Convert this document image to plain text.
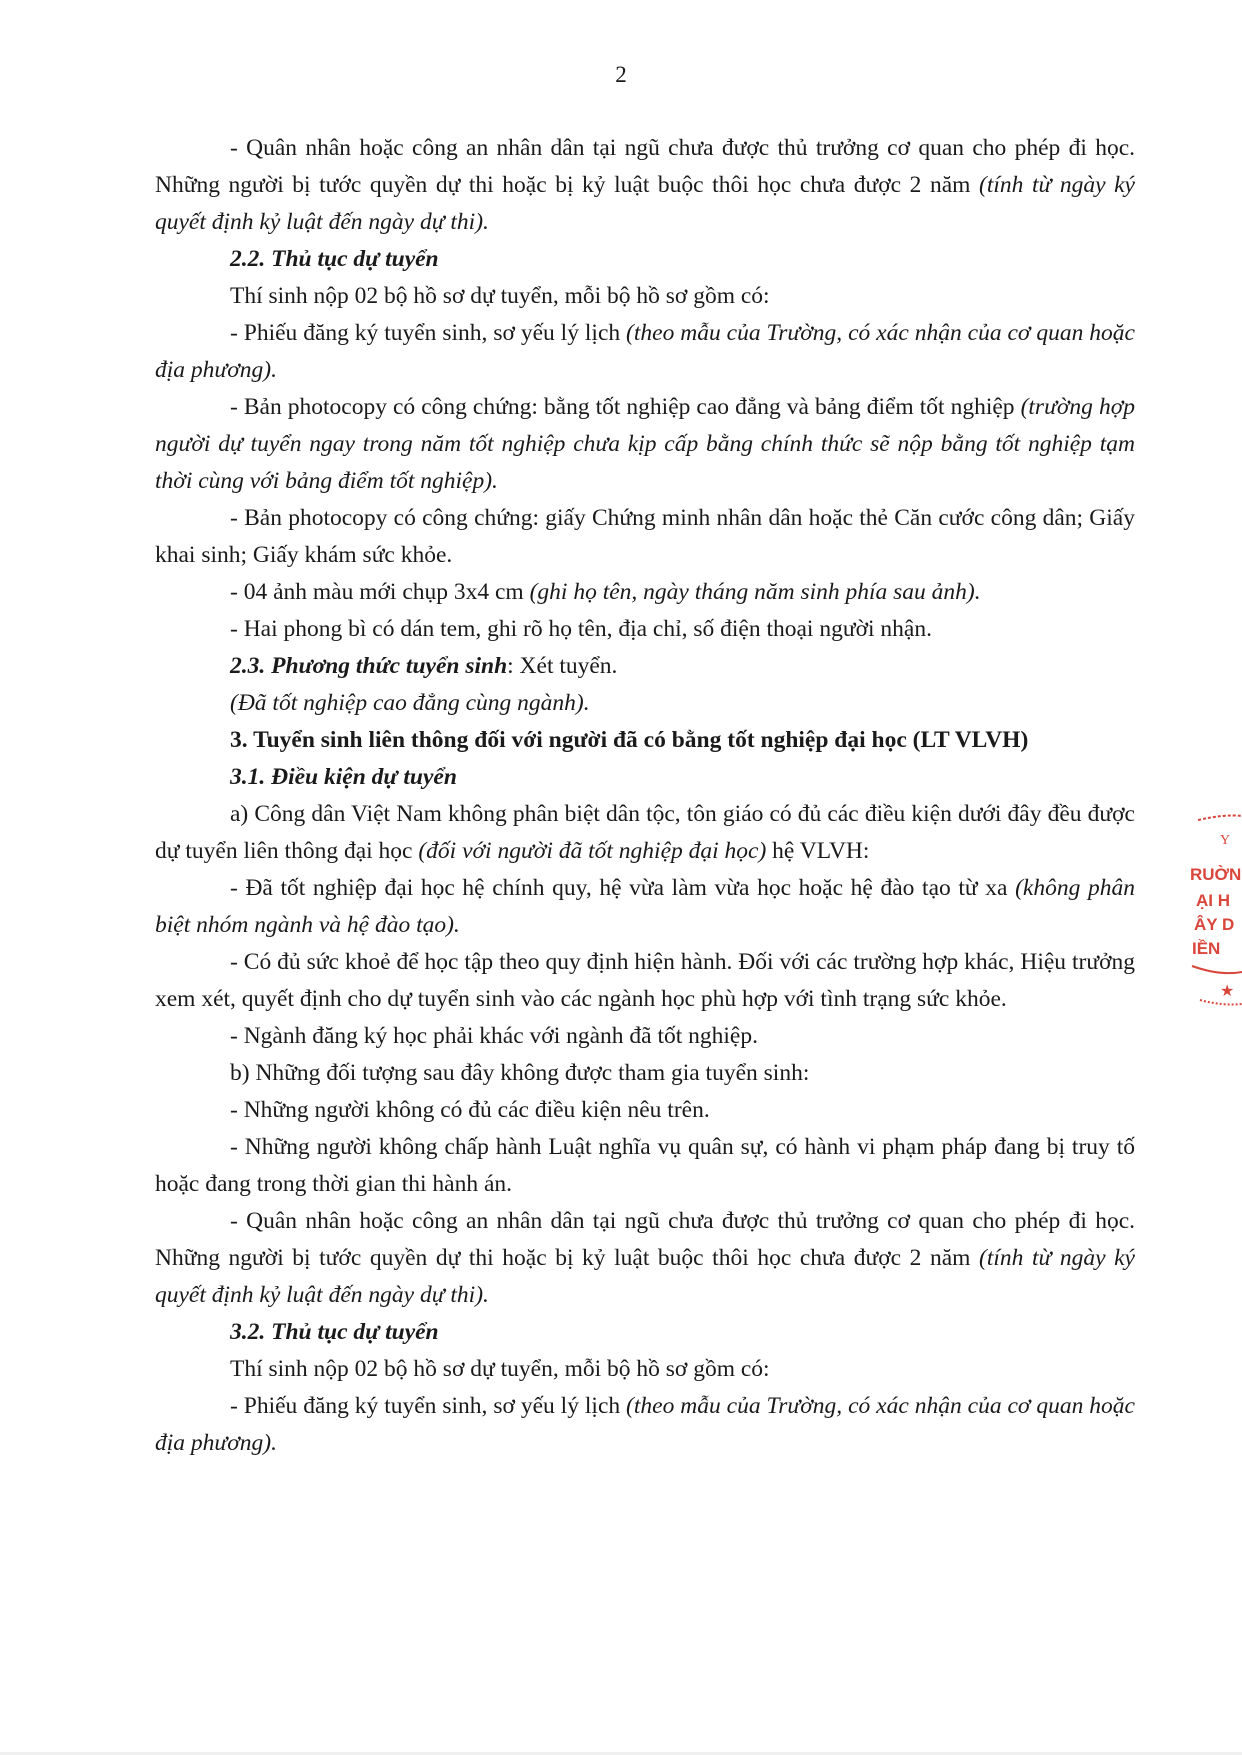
2

- Quân nhân hoặc công an nhân dân tại ngũ chưa được thủ trưởng cơ quan cho phép đi học. Những người bị tước quyền dự thi hoặc bị kỷ luật buộc thôi học chưa được 2 năm (tính từ ngày ký quyết định kỷ luật đến ngày dự thi).

2.2. Thủ tục dự tuyển

Thí sinh nộp 02 bộ hồ sơ dự tuyển, mỗi bộ hồ sơ gồm có:

- Phiếu đăng ký tuyển sinh, sơ yếu lý lịch (theo mẫu của Trường, có xác nhận của cơ quan hoặc địa phương).

- Bản photocopy có công chứng: bằng tốt nghiệp cao đẳng và bảng điểm tốt nghiệp (trường hợp người dự tuyển ngay trong năm tốt nghiệp chưa kịp cấp bằng chính thức sẽ nộp bằng tốt nghiệp tạm thời cùng với bảng điểm tốt nghiệp).

- Bản photocopy có công chứng: giấy Chứng minh nhân dân hoặc thẻ Căn cước công dân; Giấy khai sinh; Giấy khám sức khỏe.

- 04 ảnh màu mới chụp 3x4 cm (ghi họ tên, ngày tháng năm sinh phía sau ảnh).

- Hai phong bì có dán tem, ghi rõ họ tên, địa chỉ, số điện thoại người nhận.

2.3. Phương thức tuyển sinh: Xét tuyển.

(Đã tốt nghiệp cao đẳng cùng ngành).

3. Tuyển sinh liên thông đối với người đã có bằng tốt nghiệp đại học (LT VLVH)

3.1. Điều kiện dự tuyển

a) Công dân Việt Nam không phân biệt dân tộc, tôn giáo có đủ các điều kiện dưới đây đều được dự tuyển liên thông đại học (đối với người đã tốt nghiệp đại học) hệ VLVH:

- Đã tốt nghiệp đại học hệ chính quy, hệ vừa làm vừa học hoặc hệ đào tạo từ xa (không phân biệt nhóm ngành và hệ đào tạo).

- Có đủ sức khoẻ để học tập theo quy định hiện hành. Đối với các trường hợp khác, Hiệu trưởng xem xét, quyết định cho dự tuyển sinh vào các ngành học phù hợp với tình trạng sức khỏe.

- Ngành đăng ký học phải khác với ngành đã tốt nghiệp.

b) Những đối tượng sau đây không được tham gia tuyển sinh:

- Những người không có đủ các điều kiện nêu trên.

- Những người không chấp hành Luật nghĩa vụ quân sự, có hành vi phạm pháp đang bị truy tố hoặc đang trong thời gian thi hành án.

- Quân nhân hoặc công an nhân dân tại ngũ chưa được thủ trưởng cơ quan cho phép đi học. Những người bị tước quyền dự thi hoặc bị kỷ luật buộc thôi học chưa được 2 năm (tính từ ngày ký quyết định kỷ luật đến ngày dự thi).

3.2. Thủ tục dự tuyển

Thí sinh nộp 02 bộ hồ sơ dự tuyển, mỗi bộ hồ sơ gồm có:

- Phiếu đăng ký tuyển sinh, sơ yếu lý lịch (theo mẫu của Trường, có xác nhận của cơ quan hoặc địa phương).

Y
RUỜN
ẠI H
ÂY D
IỀN
★
